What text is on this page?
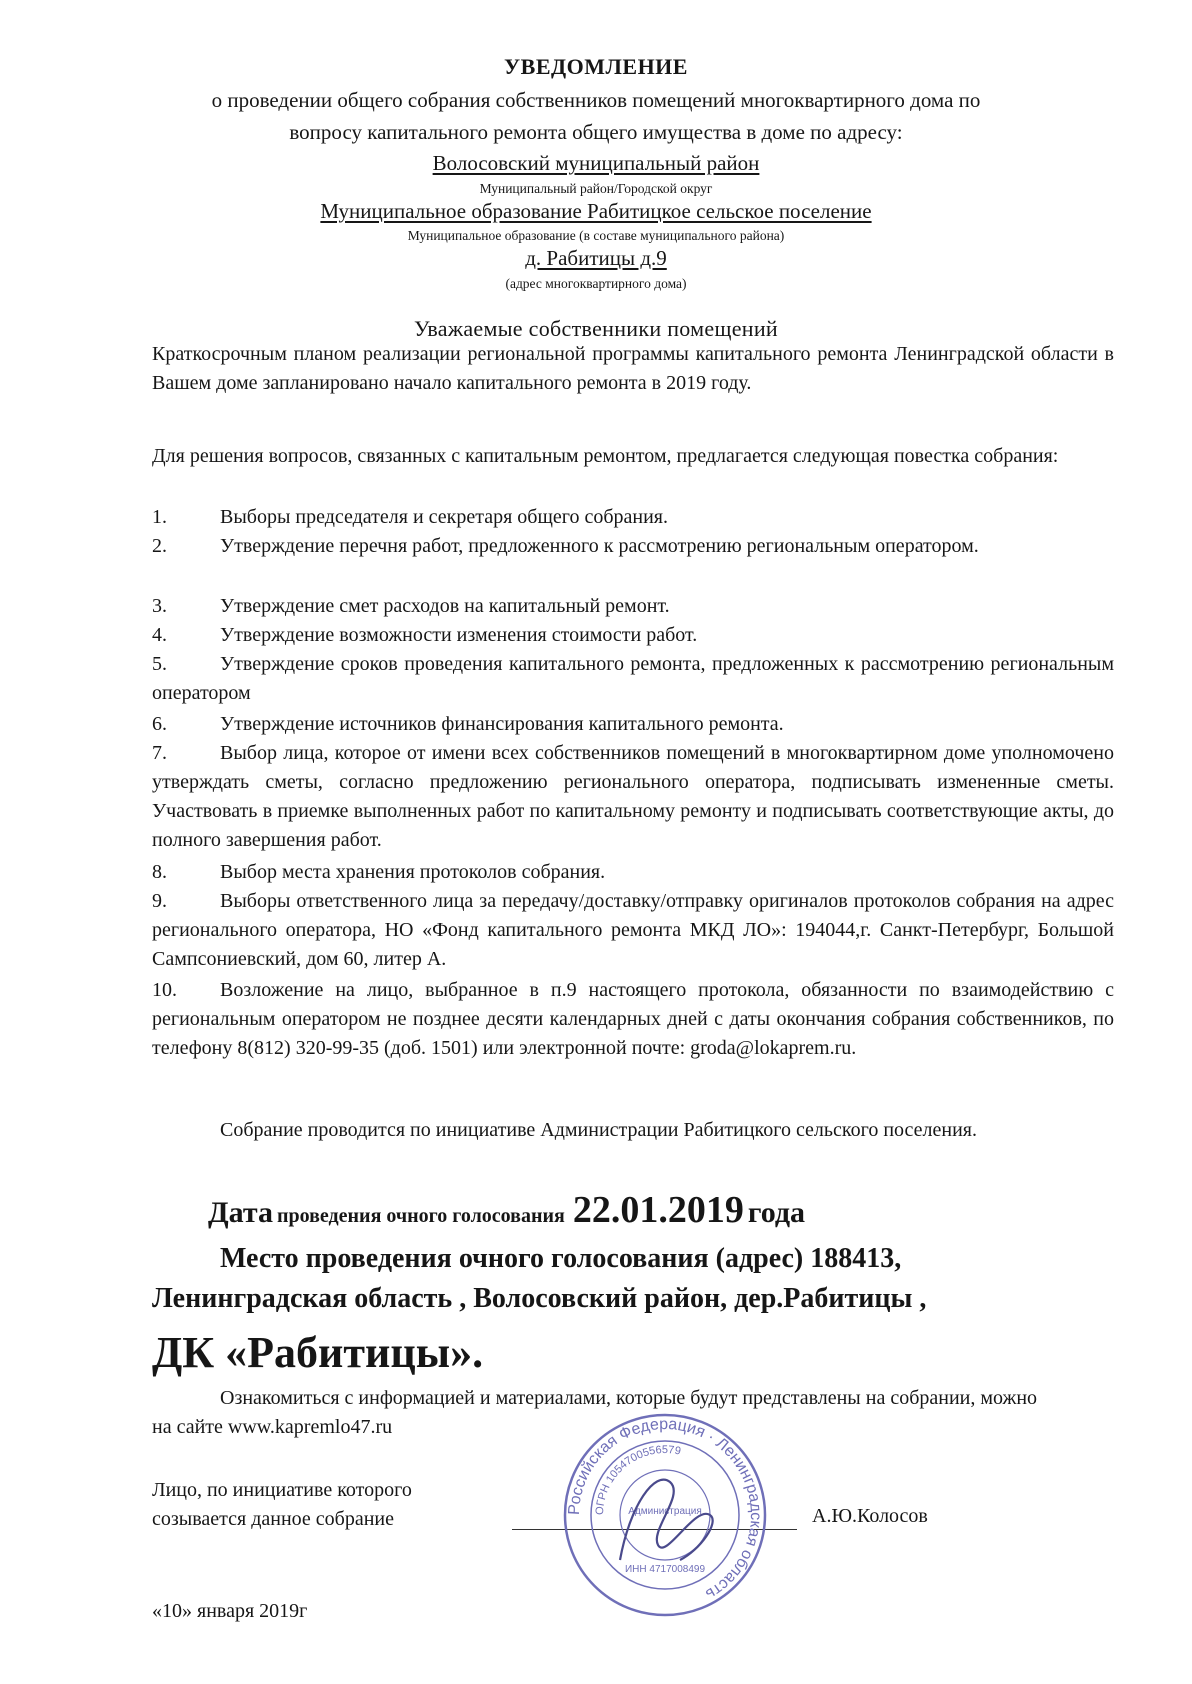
УВЕДОМЛЕНИЕ
о проведении общего собрания собственников помещений многоквартирного дома по
вопросу капитального ремонта общего имущества в доме по адресу:
Волосовский муниципальный район
Муниципальный район/Городской округ
Муниципальное образование Рабитицкое сельское поселение
Муниципальное образование (в составе муниципального района)
д. Рабитицы д.9
(адрес многоквартирного дома)
Уважаемые собственники помещений
Краткосрочным планом реализации региональной программы капитального ремонта Ленинградской области в Вашем доме запланировано начало капитального ремонта в 2019 году.
Для решения вопросов, связанных с капитальным ремонтом, предлагается следующая повестка собрания:
1.	Выборы председателя и секретаря общего собрания.
2.	Утверждение перечня работ, предложенного к рассмотрению региональным оператором.
3.	Утверждение смет расходов на капитальный ремонт.
4.	Утверждение возможности изменения стоимости работ.
5.	Утверждение сроков проведения капитального ремонта, предложенных к рассмотрению региональным оператором
6.	Утверждение источников финансирования капитального ремонта.
7.	Выбор лица, которое от имени всех собственников помещений в многоквартирном доме уполномочено утверждать сметы, согласно предложению регионального оператора, подписывать измененные сметы. Участвовать в приемке выполненных работ по капитальному ремонту и подписывать соответствующие акты, до полного завершения работ.
8.	Выбор места хранения протоколов собрания.
9.	Выборы ответственного лица за передачу/доставку/отправку оригиналов протоколов собрания на адрес регионального оператора, НО «Фонд капитального ремонта МКД ЛО»: 194044,г. Санкт-Петербург, Большой Сампсониевский, дом 60, литер А.
10. Возложение на лицо, выбранное в п.9 настоящего протокола, обязанности по взаимодействию с региональным оператором не позднее десяти календарных дней с даты окончания собрания собственников, по телефону 8(812) 320-99-35 (доб. 1501) или электронной почте: groda@lokaprem.ru.
Собрание проводится по инициативе Администрации Рабитицкого сельского поселения.
Дата проведения очного голосования 22.01.2019 года
Место проведения очного голосования (адрес) 188413,
Ленинградская область , Волосовский район, дер.Рабитицы ,
ДК «Рабитицы».
Ознакомиться с информацией и материалами, которые будут представлены на собрании, можно на сайте www.kapremlo47.ru
Лицо, по инициативе которого
созывается данное собрание	А.Ю.Колосов
«10» января 2019г
Российская Федерация · Ленинградская область
ОГРН 1054700556579
Администрация
ИНН 4717008499
